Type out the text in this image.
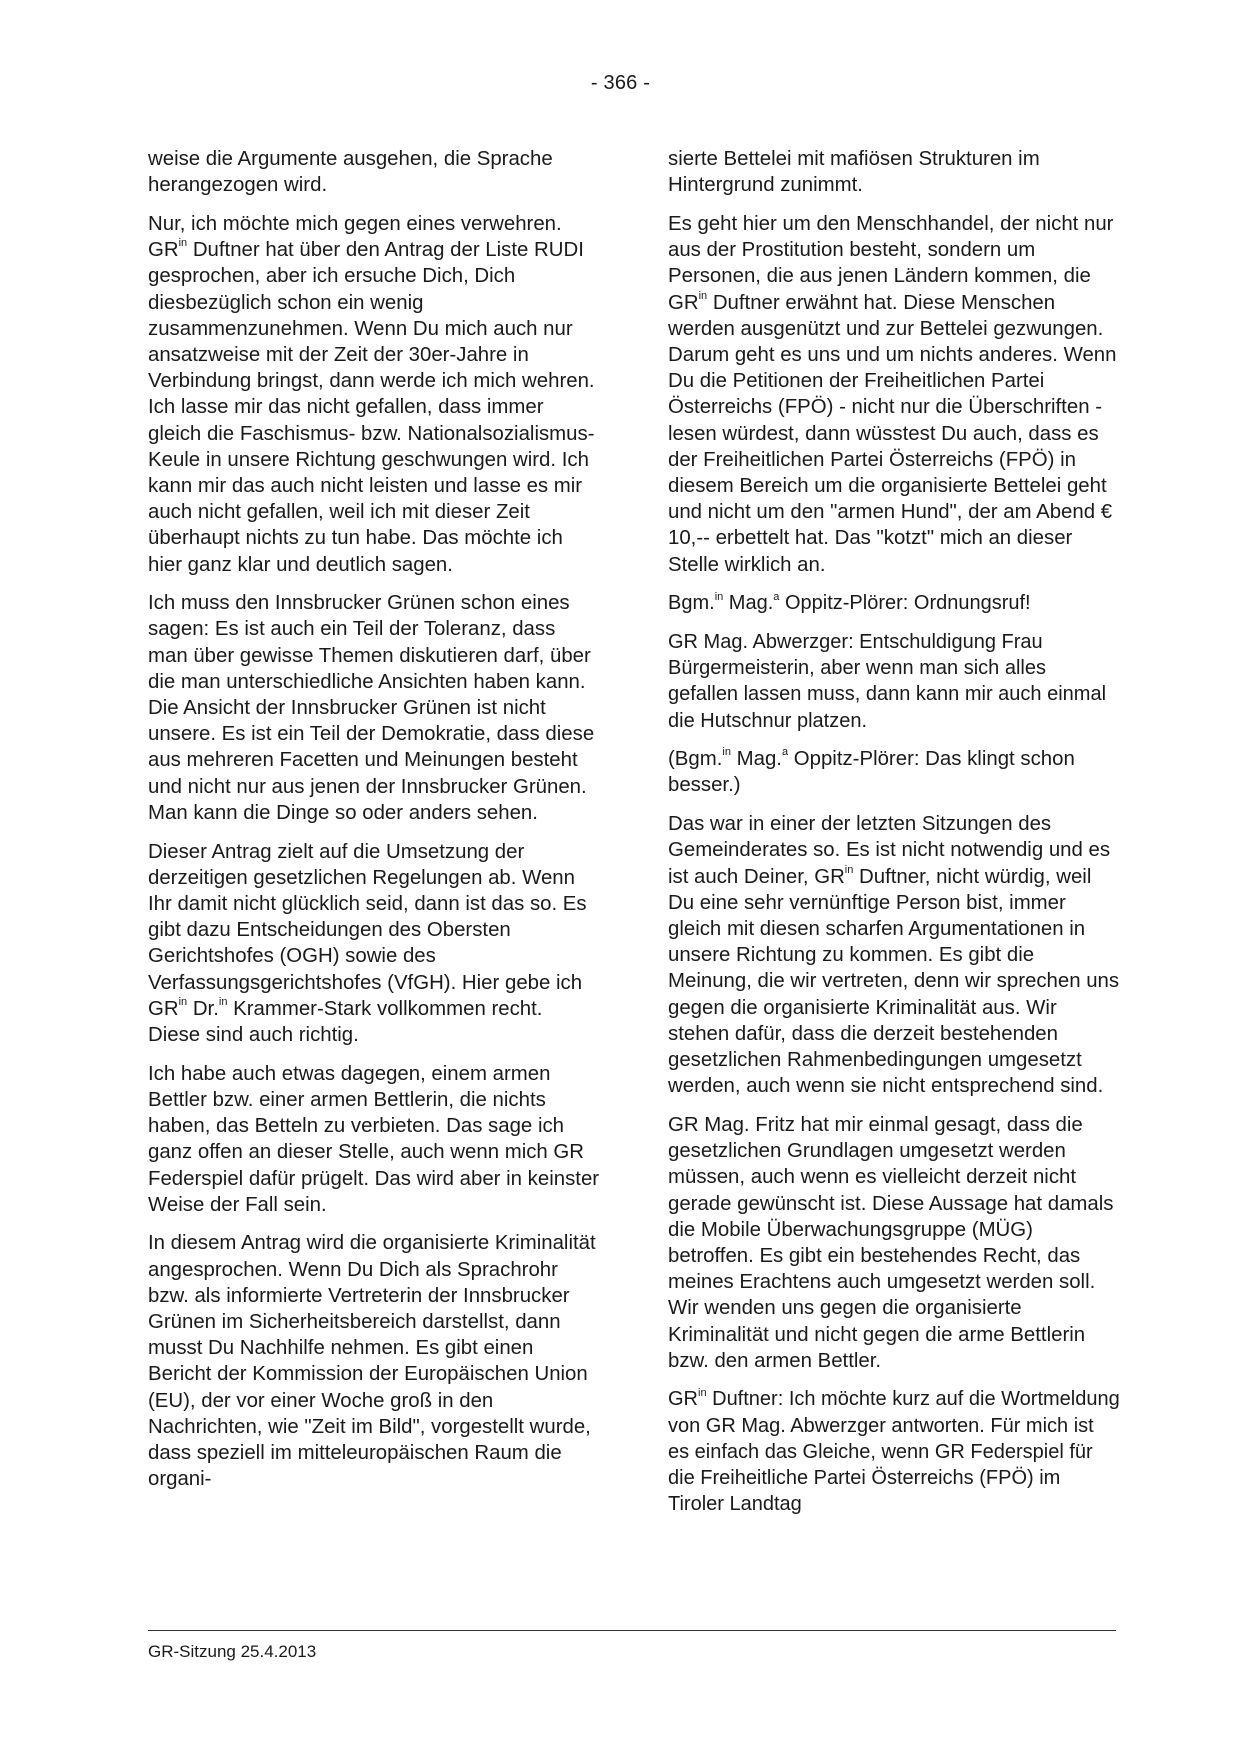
- 366 -

weise die Argumente ausgehen, die Sprache herangezogen wird.

Nur, ich möchte mich gegen eines verwehren. $GR^{in}$ Duftner hat über den Antrag der Liste RUDI gesprochen, aber ich ersuche Dich, Dich diesbezüglich schon ein wenig zusammenzunehmen. Wenn Du mich auch nur ansatzweise mit der Zeit der 30er-Jahre in Verbindung bringst, dann werde ich mich wehren. Ich lasse mir das nicht gefallen, dass immer gleich die Faschismus- bzw. Nationalsozialismus-Keule in unsere Richtung geschwungen wird. Ich kann mir das auch nicht leisten und lasse es mir auch nicht gefallen, weil ich mit dieser Zeit überhaupt nichts zu tun habe. Das möchte ich hier ganz klar und deutlich sagen.

Ich muss den Innsbrucker Grünen schon eines sagen: Es ist auch ein Teil der Toleranz, dass man über gewisse Themen diskutieren darf, über die man unterschiedliche Ansichten haben kann. Die Ansicht der Innsbrucker Grünen ist nicht unsere. Es ist ein Teil der Demokratie, dass diese aus mehreren Facetten und Meinungen besteht und nicht nur aus jenen der Innsbrucker Grünen. Man kann die Dinge so oder anders sehen.

Dieser Antrag zielt auf die Umsetzung der derzeitigen gesetzlichen Regelungen ab. Wenn Ihr damit nicht glücklich seid, dann ist das so. Es gibt dazu Entscheidungen des Obersten Gerichtshofes (OGH) sowie des Verfassungsgerichtshofes (VfGH). Hier gebe ich $GR^{in}$ Dr.$^{in}$ Krammer-Stark vollkommen recht. Diese sind auch richtig.

Ich habe auch etwas dagegen, einem armen Bettler bzw. einer armen Bettlerin, die nichts haben, das Betteln zu verbieten. Das sage ich ganz offen an dieser Stelle, auch wenn mich GR Federspiel dafür prügelt. Das wird aber in keinster Weise der Fall sein.

In diesem Antrag wird die organisierte Kriminalität angesprochen. Wenn Du Dich als Sprachrohr bzw. als informierte Vertreterin der Innsbrucker Grünen im Sicherheitsbereich darstellst, dann musst Du Nachhilfe nehmen. Es gibt einen Bericht der Kommission der Europäischen Union (EU), der vor einer Woche groß in den Nachrichten, wie "Zeit im Bild", vorgestellt wurde, dass speziell im mitteleuropäischen Raum die organi-

sierte Bettelei mit mafiösen Strukturen im Hintergrund zunimmt.

Es geht hier um den Menschhandel, der nicht nur aus der Prostitution besteht, sondern um Personen, die aus jenen Ländern kommen, die $GR^{in}$ Duftner erwähnt hat. Diese Menschen werden ausgenützt und zur Bettelei gezwungen. Darum geht es uns und um nichts anderes. Wenn Du die Petitionen der Freiheitlichen Partei Österreichs (FPÖ) - nicht nur die Überschriften - lesen würdest, dann wüsstest Du auch, dass es der Freiheitlichen Partei Österreichs (FPÖ) in diesem Bereich um die organisierte Bettelei geht und nicht um den "armen Hund", der am Abend € 10,-- erbettelt hat. Das "kotzt" mich an dieser Stelle wirklich an.

Bgm.$^{in}$ Mag.$^a$ Oppitz-Plörer: Ordnungsruf!

GR Mag. Abwerzger: Entschuldigung Frau Bürgermeisterin, aber wenn man sich alles gefallen lassen muss, dann kann mir auch einmal die Hutschnur platzen.

(Bgm.$^{in}$ Mag.$^a$ Oppitz-Plörer: Das klingt schon besser.)

Das war in einer der letzten Sitzungen des Gemeinderates so. Es ist nicht notwendig und es ist auch Deiner, $GR^{in}$ Duftner, nicht würdig, weil Du eine sehr vernünftige Person bist, immer gleich mit diesen scharfen Argumentationen in unsere Richtung zu kommen. Es gibt die Meinung, die wir vertreten, denn wir sprechen uns gegen die organisierte Kriminalität aus. Wir stehen dafür, dass die derzeit bestehenden gesetzlichen Rahmenbedingungen umgesetzt werden, auch wenn sie nicht entsprechend sind.

GR Mag. Fritz hat mir einmal gesagt, dass die gesetzlichen Grundlagen umgesetzt werden müssen, auch wenn es vielleicht derzeit nicht gerade gewünscht ist. Diese Aussage hat damals die Mobile Überwachungsgruppe (MÜG) betroffen. Es gibt ein bestehendes Recht, das meines Erachtens auch umgesetzt werden soll. Wir wenden uns gegen die organisierte Kriminalität und nicht gegen die arme Bettlerin bzw. den armen Bettler.

$GR^{in}$ Duftner: Ich möchte kurz auf die Wortmeldung von GR Mag. Abwerzger antworten. Für mich ist es einfach das Gleiche, wenn GR Federspiel für die Freiheitliche Partei Österreichs (FPÖ) im Tiroler Landtag

GR-Sitzung 25.4.2013
